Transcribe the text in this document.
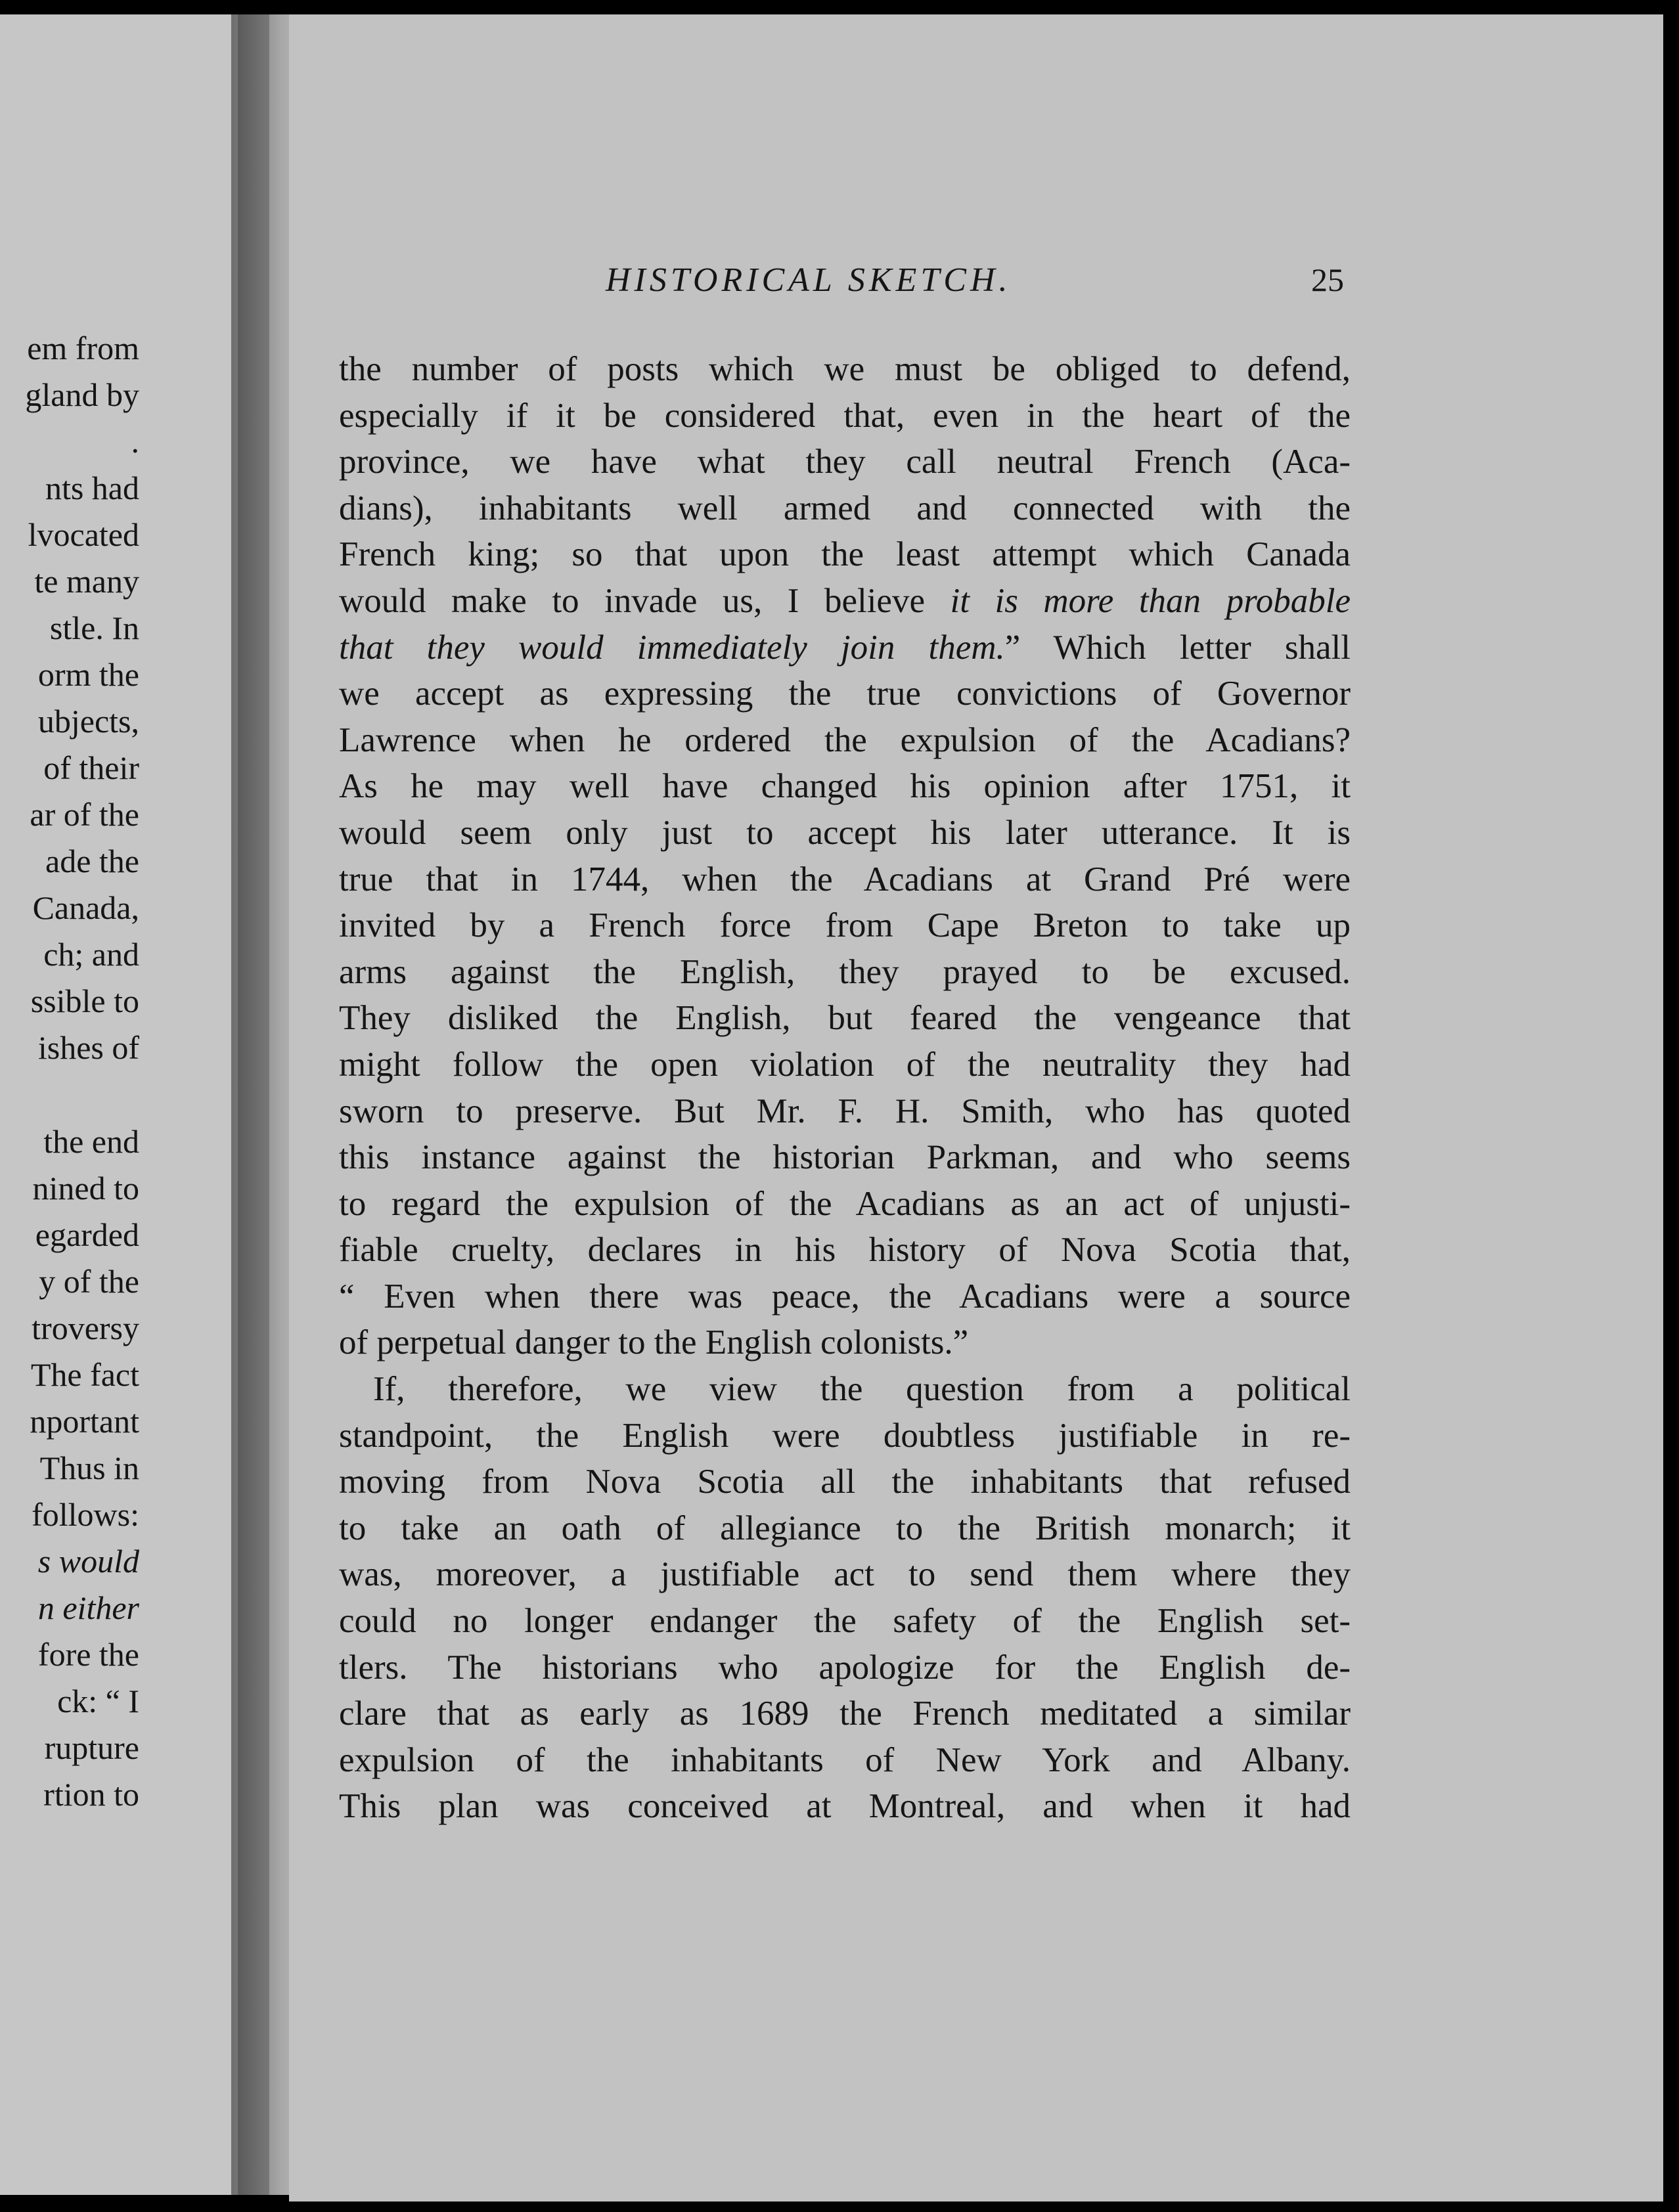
em from
gland by
.
nts had
lvocated
te many
stle. In
orm the
ubjects,
of their
ar of the
ade the
Canada,
ch; and
ssible to
ishes of
the end
nined to
egarded
y of the
troversy
The fact
nportant
Thus in
follows:
s would
n either
fore the
ck: “ I
rupture
rtion to
HISTORICAL SKETCH.	25
the number of posts which we must be obliged to defend,
especially if it be considered that, even in the heart of the
province, we have what they call neutral French (Aca-
dians), inhabitants well armed and connected with the
French king; so that upon the least attempt which Canada
would make to invade us, I believe it is more than probable
that they would immediately join them.” Which letter shall
we accept as expressing the true convictions of Governor
Lawrence when he ordered the expulsion of the Acadians?
As he may well have changed his opinion after 1751, it
would seem only just to accept his later utterance. It is
true that in 1744, when the Acadians at Grand Pré were
invited by a French force from Cape Breton to take up
arms against the English, they prayed to be excused.
They disliked the English, but feared the vengeance that
might follow the open violation of the neutrality they had
sworn to preserve. But Mr. F. H. Smith, who has quoted
this instance against the historian Parkman, and who seems
to regard the expulsion of the Acadians as an act of unjusti-
fiable cruelty, declares in his history of Nova Scotia that,
“ Even when there was peace, the Acadians were a source
of perpetual danger to the English colonists.”
If, therefore, we view the question from a political
standpoint, the English were doubtless justifiable in re-
moving from Nova Scotia all the inhabitants that refused
to take an oath of allegiance to the British monarch; it
was, moreover, a justifiable act to send them where they
could no longer endanger the safety of the English set-
tlers. The historians who apologize for the English de-
clare that as early as 1689 the French meditated a similar
expulsion of the inhabitants of New York and Albany.
This plan was conceived at Montreal, and when it had
